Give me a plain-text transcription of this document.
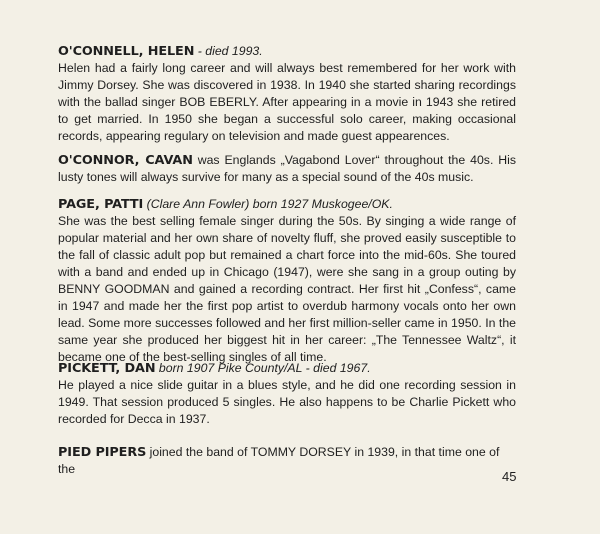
O'CONNELL, HELEN - died 1993.

Helen had a fairly long career and will always best remembered for her work with Jimmy Dorsey. She was discovered in 1938. In 1940 she started sharing recordings with the ballad singer BOB EBERLY. After appearing in a movie in 1943 she retired to get married. In 1950 she began a successful solo career, making occasional records, appearing regulary on television and made guest appearences.

O'CONNOR, CAVAN was Englands „Vagabond Lover“ throughout the 40s. His lusty tones will always survive for many as a special sound of the 40s music.

PAGE, PATTI (Clare Ann Fowler) born 1927 Muskogee/OK.

She was the best selling female singer during the 50s. By singing a wide range of popular material and her own share of novelty fluff, she proved easily susceptible to the fall of classic adult pop but remained a chart force into the mid-60s. She toured with a band and ended up in Chicago (1947), were she sang in a group outing by BENNY GOODMAN and gained a recording contract. Her first hit „Confess“, came in 1947 and made her the first pop artist to overdub harmony vocals onto her own lead. Some more successes followed and her first million-seller came in 1950. In the same year she produced her biggest hit in her career: „The Tennessee Waltz“, it became one of the best-selling singles of all time.

PICKETT, DAN born 1907 Pike County/AL - died 1967.

He played a nice slide guitar in a blues style, and he did one recording session in 1949. That session produced 5 singles. He also happens to be Charlie Pickett who recorded for Decca in 1937.

PIED PIPERS joined the band of TOMMY DORSEY in 1939, in that time one of the	45
